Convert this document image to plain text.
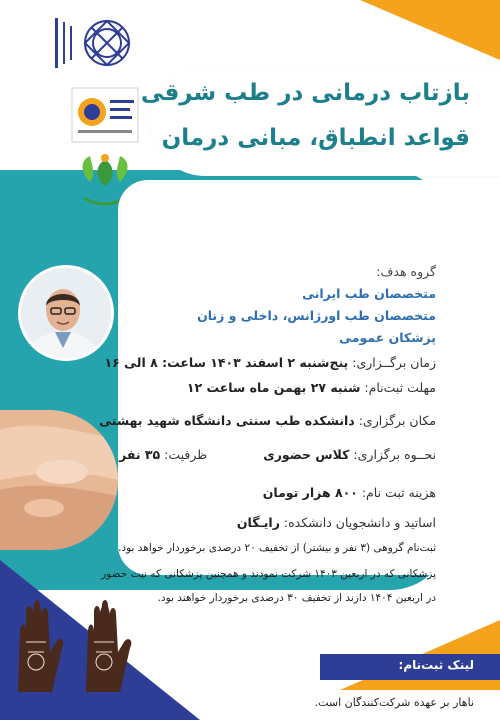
بازتاب درمانی در طب شرقی
قواعد انطباق، مبانی درمان
گروه هدف:
متخصصان طب ایرانی
متخصصان طب اورژانس، داخلی و زنان
پزشکان عمومی
زمان برگــزاری: پنج‌شنبه ۲ اسفند ۱۴۰۳ ساعت: ۸ الی ۱۶
مهلت ثبت‌نام: شنبه ۲۷ بهمن ماه ساعت ۱۲
مکان برگزاری: دانشکده طب سنتی دانشگاه شهید بهشتی
نحــوه برگزاری: کلاس حضوری  ظرفیت: ۳۵ نفر
هزینه ثبت نام: ۸۰۰ هزار تومان
اساتید و دانشجویان دانشکده: رایـگان
ثبت‌نام گروهی (۳ نفر و بیشتر) از تخفیف ۲۰ درصدی برخوردار خواهد بود.
پزشکانی که در اربعین ۱۴۰۳ شرکت نمودند و همچنین پزشکانی که نیت حضور
در اربعین ۱۴۰۴ دارند از تخفیف ۳۰ درصدی برخوردار خواهند بود.
لینک ثبت‌نام:
ناهار بر عهده شرکت‌کنندگان است.
